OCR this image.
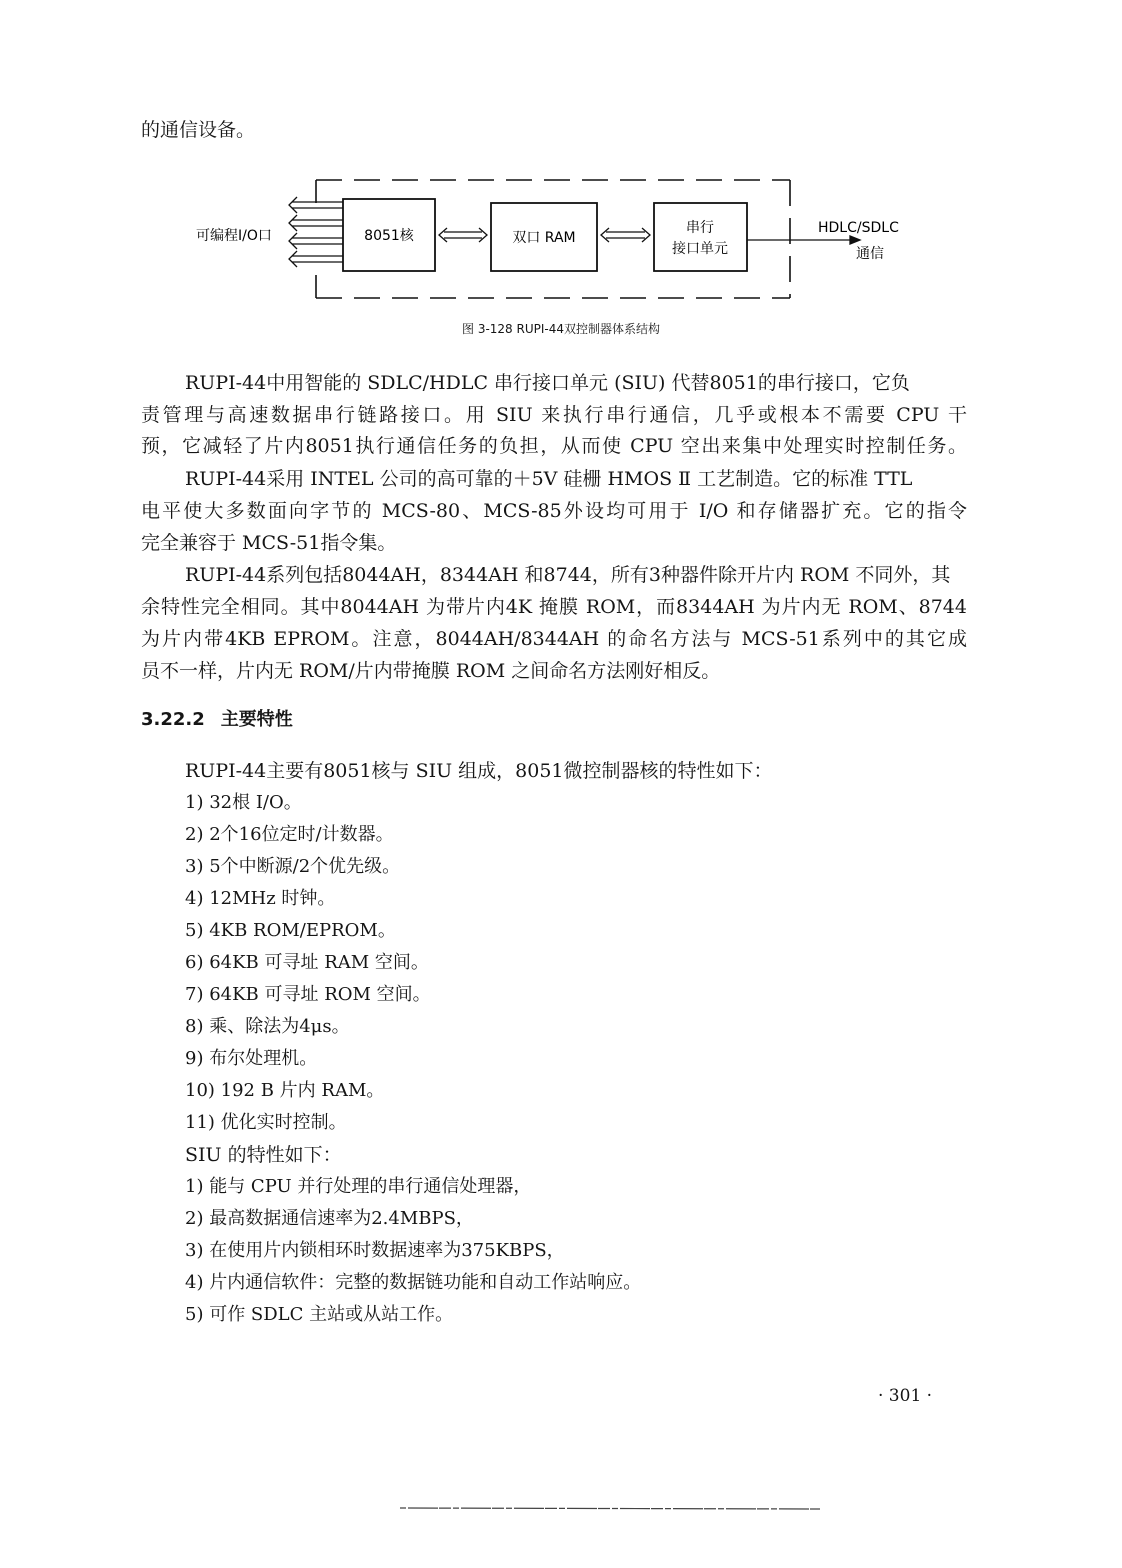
的通信设备。
可编程I/O口	8051核	双口 RAM
串行
接口单元
HDLC/SDLC
通信
图 3-128 RUPI-44双控制器体系结构
RUPI-44中用智能的 SDLC/HDLC 串行接口单元 (SIU) 代替8051的串行接口，它负
责管理与高速数据串行链路接口。用 SIU 来执行串行通信，几乎或根本不需要 CPU 干
预，它减轻了片内8051执行通信任务的负担，从而使 CPU 空出来集中处理实时控制任务。
RUPI-44采用 INTEL 公司的高可靠的＋5V 硅栅 HMOS Ⅱ 工艺制造。它的标准 TTL
电平使大多数面向字节的 MCS-80、MCS-85外设均可用于 I/O 和存储器扩充。它的指令
完全兼容于 MCS-51指令集。
RUPI-44系列包括8044AH，8344AH 和8744，所有3种器件除开片内 ROM 不同外，其
余特性完全相同。其中8044AH 为带片内4K 掩膜 ROM，而8344AH 为片内无 ROM、8744
为片内带4KB EPROM。注意，8044AH/8344AH 的命名方法与 MCS-51系列中的其它成
员不一样，片内无 ROM/片内带掩膜 ROM 之间命名方法刚好相反。
3.22.2 主要特性
RUPI-44主要有8051核与 SIU 组成，8051微控制器核的特性如下：
1) 32根 I/O。
2) 2个16位定时/计数器。
3) 5个中断源/2个优先级。
4) 12MHz 时钟。
5) 4KB ROM/EPROM。
6) 64KB 可寻址 RAM 空间。
7) 64KB 可寻址 ROM 空间。
8) 乘、除法为4μs。
9) 布尔处理机。
10) 192 B 片内 RAM。
11) 优化实时控制。
SIU 的特性如下：
1) 能与 CPU 并行处理的串行通信处理器，
2) 最高数据通信速率为2.4MBPS，
3) 在使用片内锁相环时数据速率为375KBPS，
4) 片内通信软件：完整的数据链功能和自动工作站响应。
5) 可作 SDLC 主站或从站工作。
· 301 ·
